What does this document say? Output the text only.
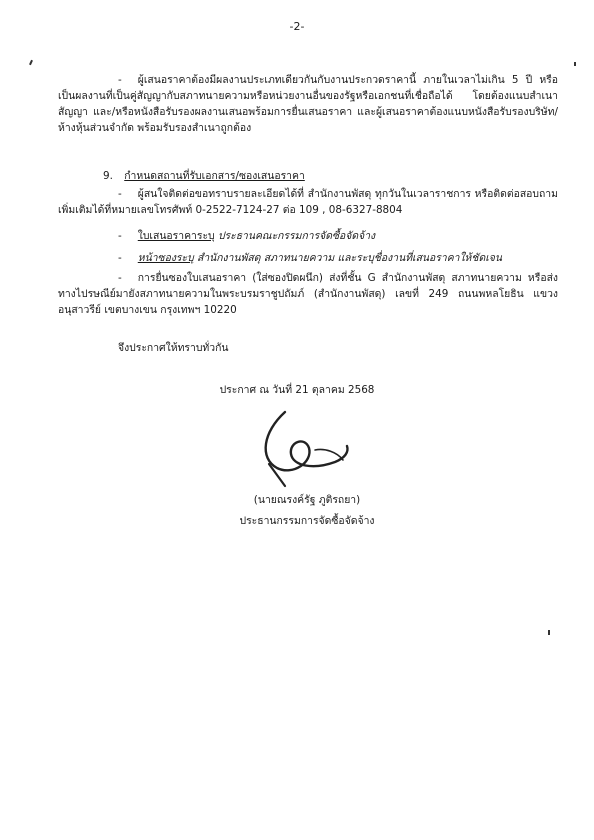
-2-
- ผู้เสนอราคาต้องมีผลงานประเภทเดียวกันกับงานประกวดราคานี้ ภายในเวลาไม่เกิน 5 ปี หรือเป็นผลงานที่เป็นคู่สัญญากับสภาทนายความหรือหน่วยงานอื่นของรัฐหรือเอกชนที่เชื่อถือได้ โดยต้องแนบสำเนาสัญญา และ/หรือหนังสือรับรองผลงานเสนอพร้อมการยื่นเสนอราคา และผู้เสนอราคาต้องแนบหนังสือรับรองบริษัท/ห้างหุ้นส่วนจำกัด พร้อมรับรองสำเนาถูกต้อง
9. กำหนดสถานที่รับเอกสาร/ซองเสนอราคา
- ผู้สนใจติดต่อขอทราบรายละเอียดได้ที่ สำนักงานพัสดุ ทุกวันในเวลาราชการ หรือติดต่อสอบถามเพิ่มเติมได้ที่หมายเลขโทรศัพท์ 0-2522-7124-27 ต่อ 109 , 08-6327-8804
- ใบเสนอราคาระบุ ประธานคณะกรรมการจัดซื้อจัดจ้าง
- หน้าซองระบุ สำนักงานพัสดุ สภาทนายความ และระบุชื่องานที่เสนอราคาให้ชัดเจน
- การยื่นซองใบเสนอราคา (ใส่ซองปิดผนึก) ส่งที่ชั้น G สำนักงานพัสดุ สภาทนายความ หรือส่งทางไปรษณีย์มายังสภาทนายความในพระบรมราชูปถัมภ์ (สำนักงานพัสดุ) เลขที่ 249 ถนนพหลโยธิน แขวงอนุสาวรีย์ เขตบางเขน กรุงเทพฯ 10220
จึงประกาศให้ทราบทั่วกัน
ประกาศ ณ วันที่ 21 ตุลาคม 2568
(นายณรงค์รัฐ ภูติรถยา)
ประธานกรรมการจัดซื้อจัดจ้าง
